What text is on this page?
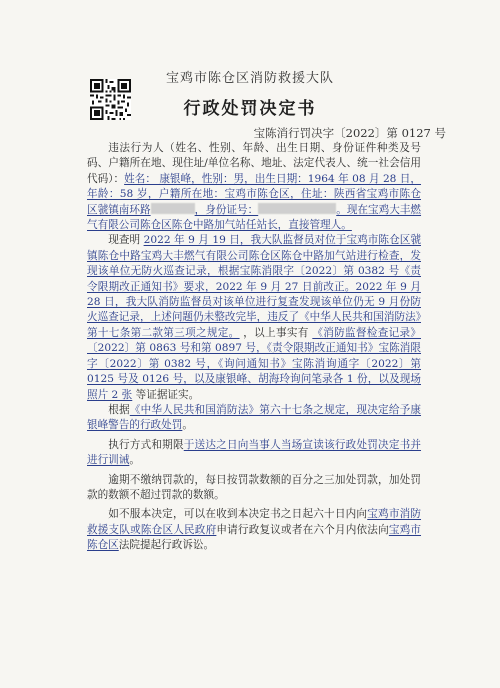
宝鸡市陈仓区消防救援大队
行政处罚决定书
宝陈消行罚决字〔2022〕第 0127 号

违法行为人（姓名、性别、年龄、出生日期、身份证件种类及号码、户籍所在地、现住址/单位名称、地址、法定代表人、统一社会信用代码）：姓名： 康银峰，性别：男，出生日期：1964 年 08 月 28 日，年龄：58 岁，户籍所在地：宝鸡市陈仓区，住址：陕西省宝鸡市陈仓区虢镇南环路	，身份证号：	。现在宝鸡大丰燃气有限公司陈仓区陈仓中路加气站任站长，直接管理人。

现查明 2022 年 9 月 19 日，我大队监督员对位于宝鸡市陈仓区虢镇陈仓中路宝鸡大丰燃气有限公司陈仓区陈仓中路加气站进行检查，发现该单位无防火巡查记录，根据宝陈消限字〔2022〕第 0382 号《责令限期改正通知书》要求，2022 年 9 月 27 日前改正。2022 年 9 月 28 日，我大队消防监督员对该单位进行复查发现该单位仍无 9 月份防火巡查记录，上述问题仍未整改完毕，违反了《中华人民共和国消防法》第十七条第二款第三项之规定。 ，以上事实有 《消防监督检查记录》〔2022〕第 0863 号和第 0897 号，《责令限期改正通知书》宝陈消限字〔2022〕第 0382 号，《询问通知书》宝陈消询通字〔2022〕第 0125 号及 0126 号，以及康银峰、胡海玲询问笔录各 1 份，以及现场照片 2 张 等证据证实。

根据《中华人民共和国消防法》第六十七条之规定，现决定给予康银峰警告的行政处罚。

执行方式和期限于送达之日向当事人当场宣读该行政处罚决定书并进行训诫。

逾期不缴纳罚款的，每日按罚款数额的百分之三加处罚款，加处罚款的数额不超过罚款的数额。

如不服本决定，可以在收到本决定书之日起六十日内向宝鸡市消防救援支队或陈仓区人民政府申请行政复议或者在六个月内依法向宝鸡市陈仓区法院提起行政诉讼。
